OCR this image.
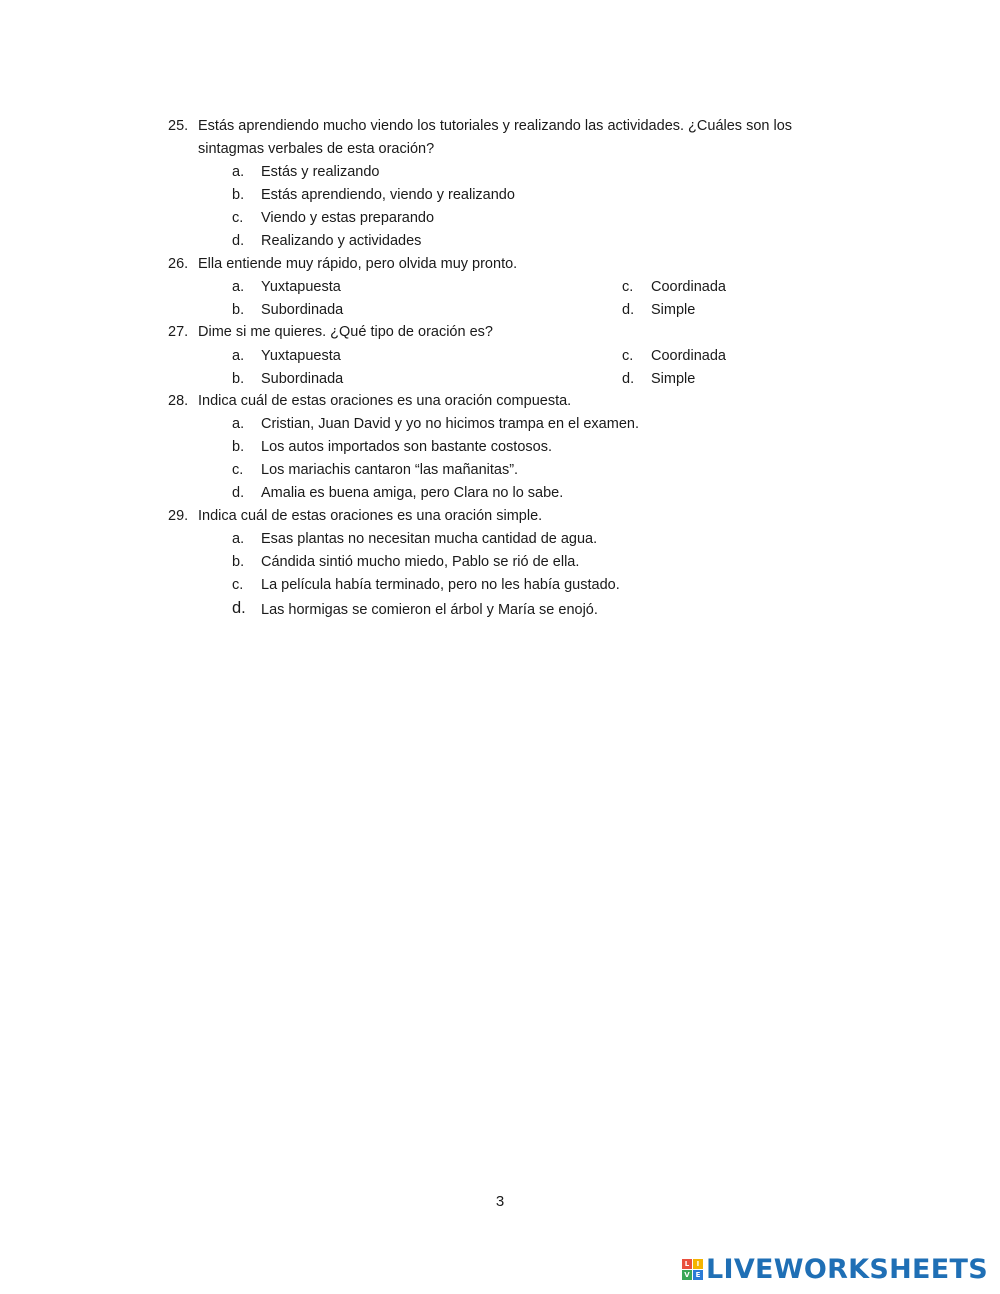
25. Estás aprendiendo mucho viendo los tutoriales y realizando las actividades. ¿Cuáles son los sintagmas verbales de esta oración?
a. Estás y realizando
b. Estás aprendiendo, viendo y realizando
c. Viendo y estas preparando
d. Realizando y actividades
26. Ella entiende muy rápido, pero olvida muy pronto.
a. Yuxtapuesta
b. Subordinada
c. Coordinada
d. Simple
27. Dime si me quieres. ¿Qué tipo de oración es?
a. Yuxtapuesta
b. Subordinada
c. Coordinada
d. Simple
28. Indica cuál de estas oraciones es una oración compuesta.
a. Cristian, Juan David y yo no hicimos trampa en el examen.
b. Los autos importados son bastante costosos.
c. Los mariachis cantaron “las mañanitas”.
d. Amalia es buena amiga, pero Clara no lo sabe.
29. Indica cuál de estas oraciones es una oración simple.
a. Esas plantas no necesitan mucha cantidad de agua.
b. Cándida sintió mucho miedo, Pablo se rió de ella.
c. La película había terminado, pero no les había gustado.
d. Las hormigas se comieron el árbol y María se enojó.
3
L	I
V E LIVEWORKSHEETS
